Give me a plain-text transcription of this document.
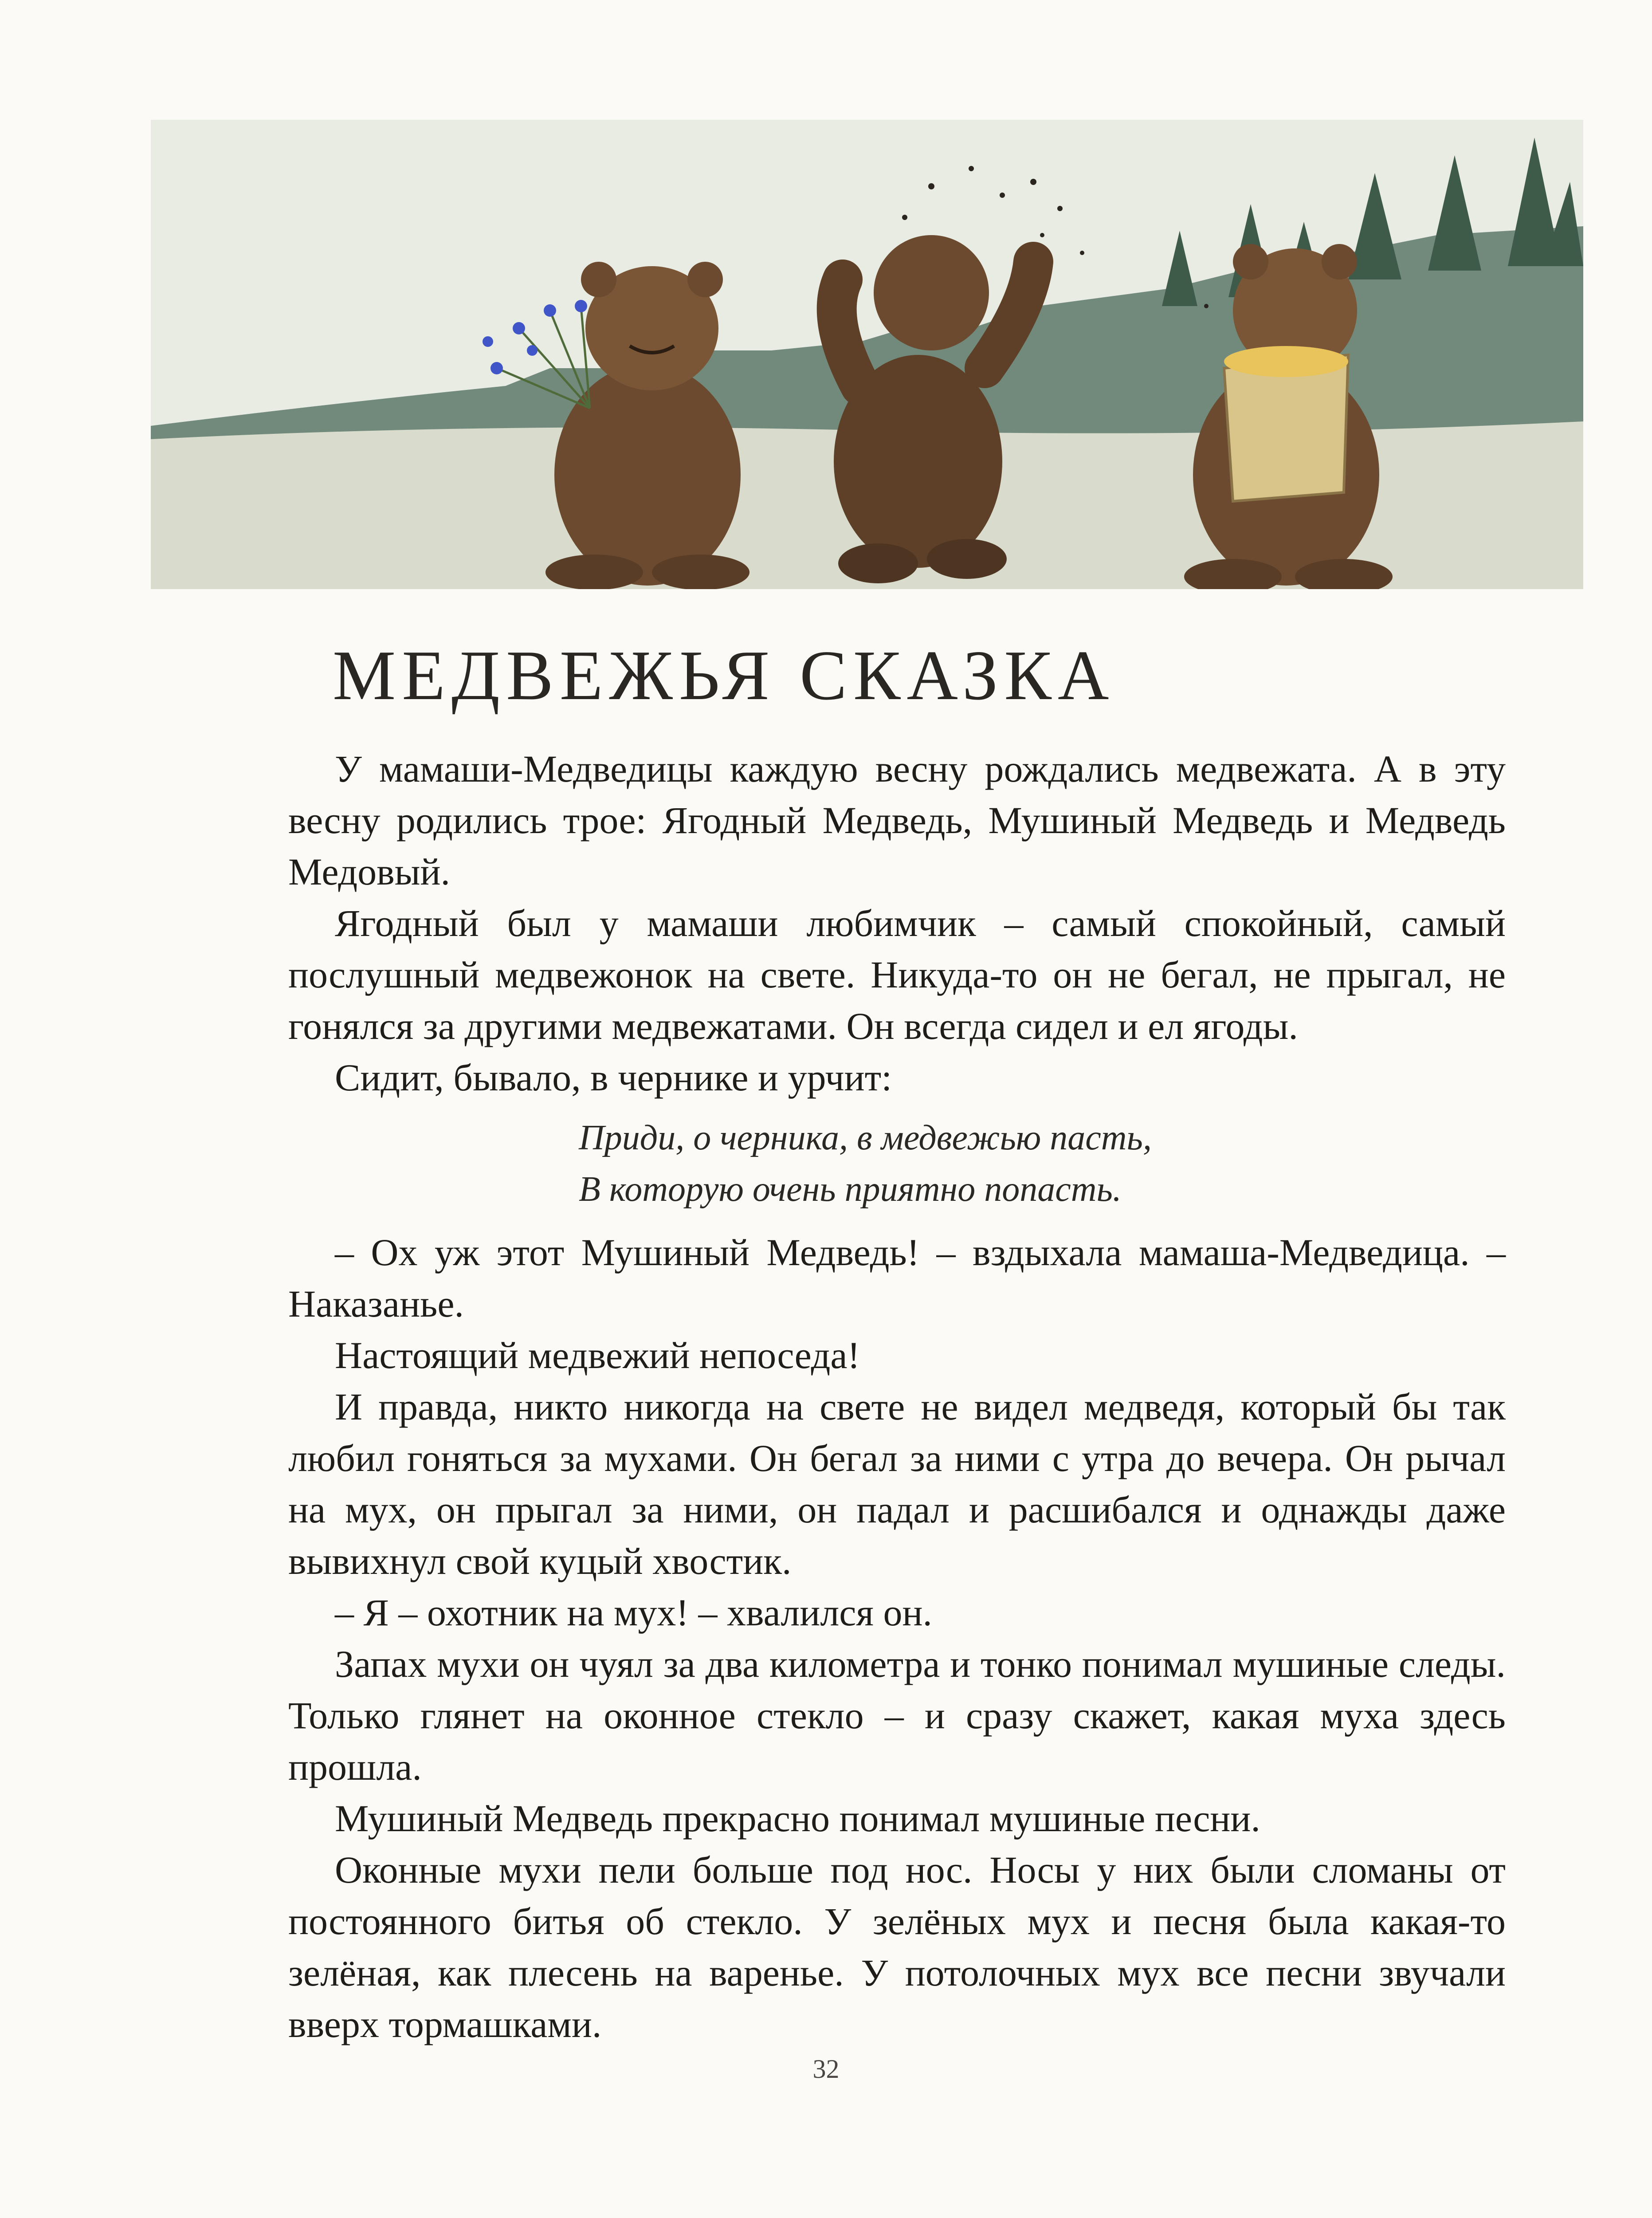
МЕДВЕЖЬЯ СКАЗКА

У мамаши-Медведицы каждую весну рождались медвежата. А в эту весну родились трое: Ягодный Медведь, Мушиный Медведь и Медведь Медовый.

Ягодный был у мамаши любимчик – самый спокойный, самый послушный медвежонок на свете. Никуда-то он не бегал, не прыгал, не гонялся за другими медвежатами. Он всегда сидел и ел ягоды.

Сидит, бывало, в чернике и урчит:

Приди, о черника, в медвежью пасть,
В которую очень приятно попасть.

– Ох уж этот Мушиный Медведь! – вздыхала мамаша-Медведица. – Наказанье.

Настоящий медвежий непоседа!

И правда, никто никогда на свете не видел медведя, который бы так любил гоняться за мухами. Он бегал за ними с утра до вечера. Он рычал на мух, он прыгал за ними, он падал и расшибался и однажды даже вывихнул свой куцый хвостик.

– Я – охотник на мух! – хвалился он.

Запах мухи он чуял за два километра и тонко понимал мушиные следы. Только глянет на оконное стекло – и сразу скажет, какая муха здесь прошла.

Мушиный Медведь прекрасно понимал мушиные песни.

Оконные мухи пели больше под нос. Носы у них были сломаны от постоянного битья об стекло. У зелёных мух и песня была какая-то зелёная, как плесень на варенье. У потолочных мух все песни звучали вверх тормашками.

32
